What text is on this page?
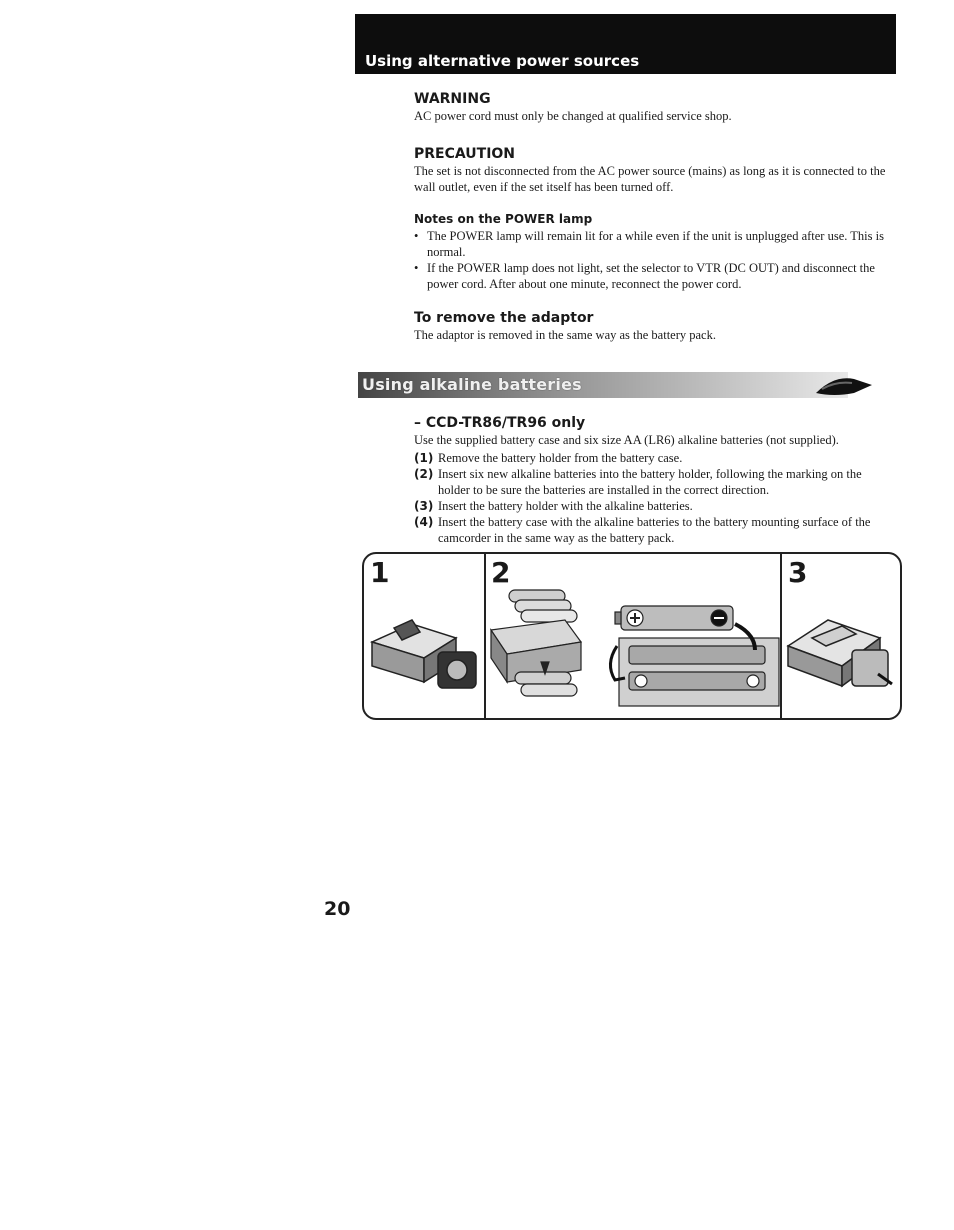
Using alternative power sources
WARNING

AC power cord must only be changed at qualified service shop.

PRECAUTION

The set is not disconnected from the AC power source (mains) as long as it is connected to the wall outlet, even if the set itself has been turned off.

Notes on the POWER lamp
• The POWER lamp will remain lit for a while even if the unit is unplugged after use. This is normal.
• If the POWER lamp does not light, set the selector to VTR (DC OUT) and disconnect the power cord. After about one minute, reconnect the power cord.
To remove the adaptor

The adaptor is removed in the same way as the battery pack.

Using alkaline batteries
– CCD-TR86/TR96 only

Use the supplied battery case and six size AA (LR6) alkaline batteries (not supplied).

(1) Remove the battery holder from the battery case.
(2) Insert six new alkaline batteries into the battery holder, following the marking on the holder to be sure the batteries are installed in the correct direction.
(3) Insert the battery holder with the alkaline batteries.
(4) Insert the battery case with the alkaline batteries to the battery mounting surface of the camcorder in the same way as the battery pack.
1	2	3
20
